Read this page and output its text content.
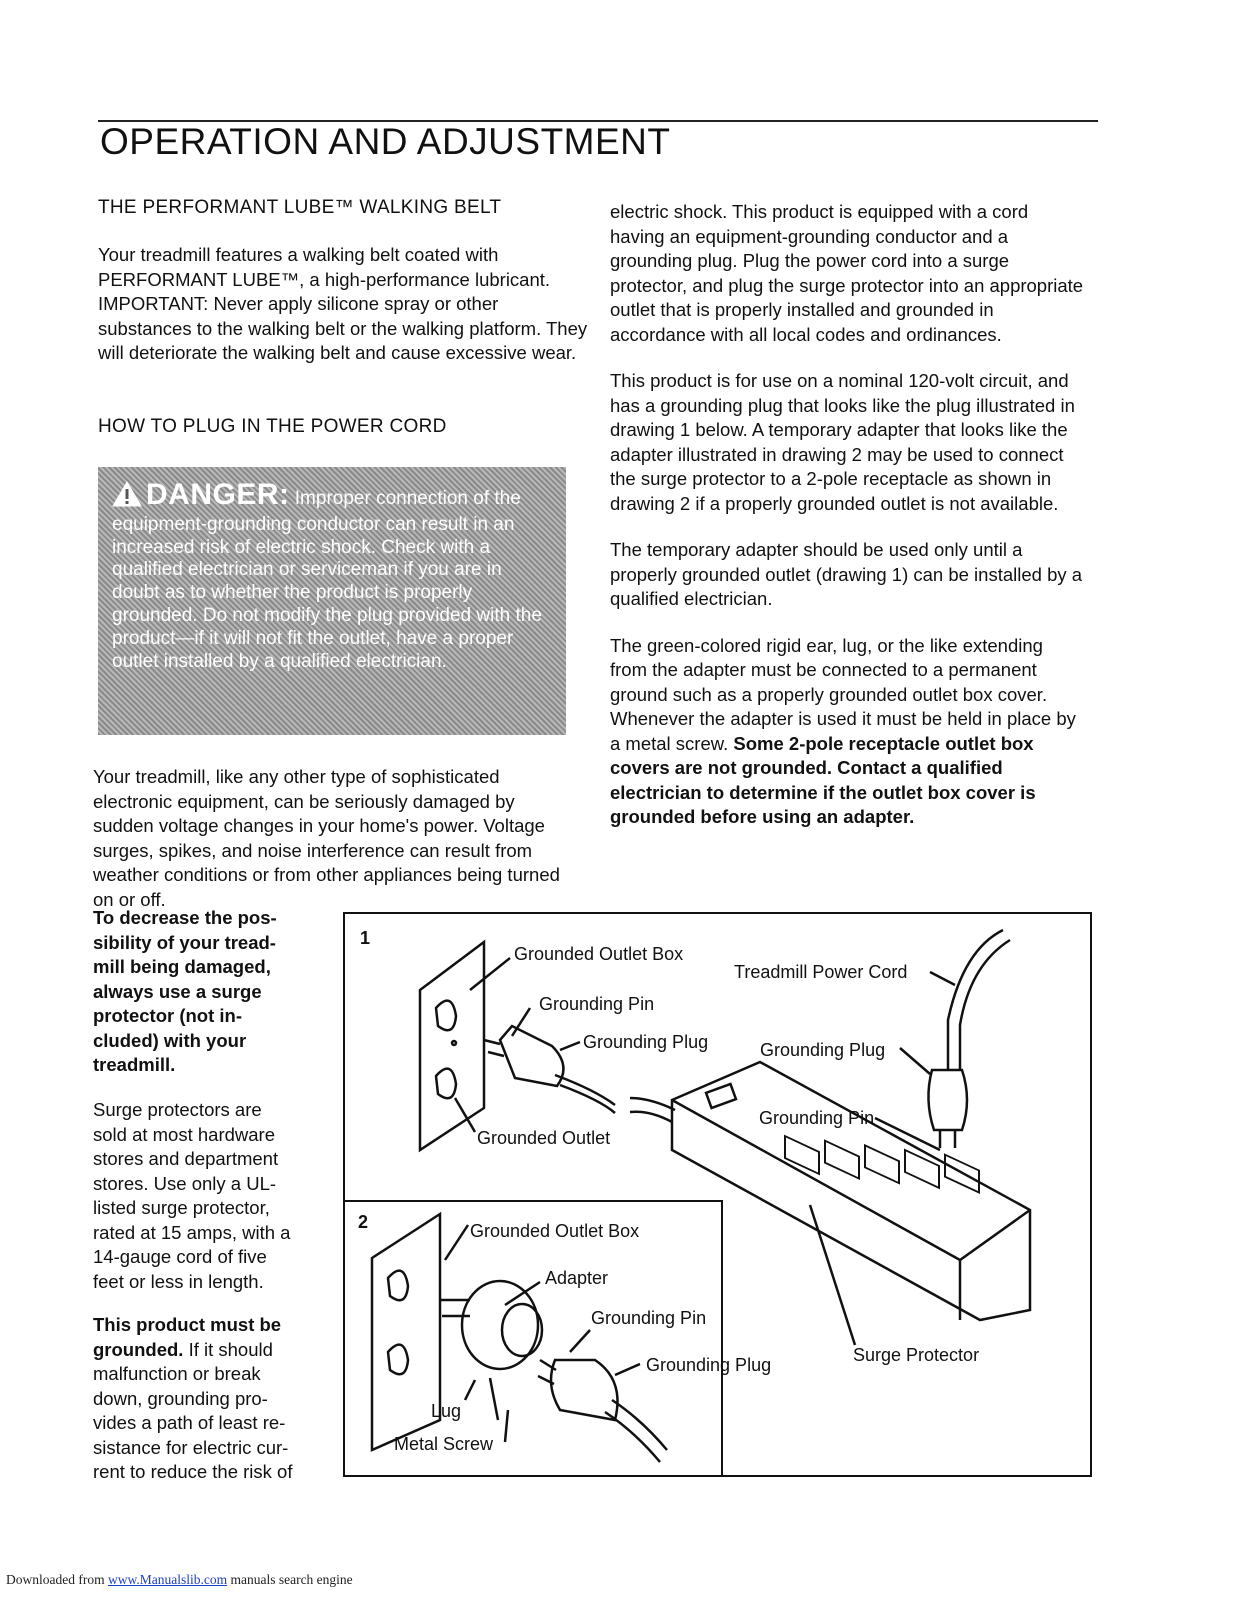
OPERATION AND ADJUSTMENT

THE PERFORMANT LUBE™ WALKING BELT

Your treadmill features a walking belt coated with PERFORMANT LUBE™, a high-performance lubricant. IMPORTANT: Never apply silicone spray or other substances to the walking belt or the walking platform. They will deteriorate the walking belt and cause excessive wear.

HOW TO PLUG IN THE POWER CORD

DANGER: Improper connection of the equipment-grounding conductor can result in an increased risk of electric shock. Check with a qualified electrician or serviceman if you are in doubt as to whether the product is properly grounded. Do not modify the plug provided with the product—if it will not fit the outlet, have a proper outlet installed by a qualified electrician.

Your treadmill, like any other type of sophisticated electronic equipment, can be seriously damaged by sudden voltage changes in your home's power. Voltage surges, spikes, and noise interference can result from weather conditions or from other appliances being turned on or off.

To decrease the pos-
sibility of your tread-
mill being damaged,
always use a surge
protector (not in-
cluded) with your
treadmill.
Surge protectors are
sold at most hardware
stores and department
stores. Use only a UL-
listed surge protector,
rated at 15 amps, with a
14-gauge cord of five
feet or less in length.
This product must be
grounded. If it should
malfunction or break
down, grounding pro-
vides a path of least re-
sistance for electric cur-
rent to reduce the risk of

electric shock. This product is equipped with a cord having an equipment-grounding conductor and a grounding plug. Plug the power cord into a surge protector, and plug the surge protector into an appropriate outlet that is properly installed and grounded in accordance with all local codes and ordinances.

This product is for use on a nominal 120-volt circuit, and has a grounding plug that looks like the plug illustrated in drawing 1 below. A temporary adapter that looks like the adapter illustrated in drawing 2 may be used to connect the surge protector to a 2-pole receptacle as shown in drawing 2 if a properly grounded outlet is not available.

The temporary adapter should be used only until a properly grounded outlet (drawing 1) can be installed by a qualified electrician.

The green-colored rigid ear, lug, or the like extending from the adapter must be connected to a permanent ground such as a properly grounded outlet box cover. Whenever the adapter is used it must be held in place by a metal screw. Some 2-pole receptacle outlet box covers are not grounded. Contact a qualified electrician to determine if the outlet box cover is grounded before using an adapter.

1
2
Grounded Outlet Box
Grounding Pin
Grounding Plug
Grounded Outlet
Treadmill Power Cord
Grounding Plug
Grounding Pin
Surge Protector
Grounded Outlet Box
Adapter
Grounding Pin
Grounding Plug
Lug
Metal Screw
Downloaded from www.Manualslib.com manuals search engine
